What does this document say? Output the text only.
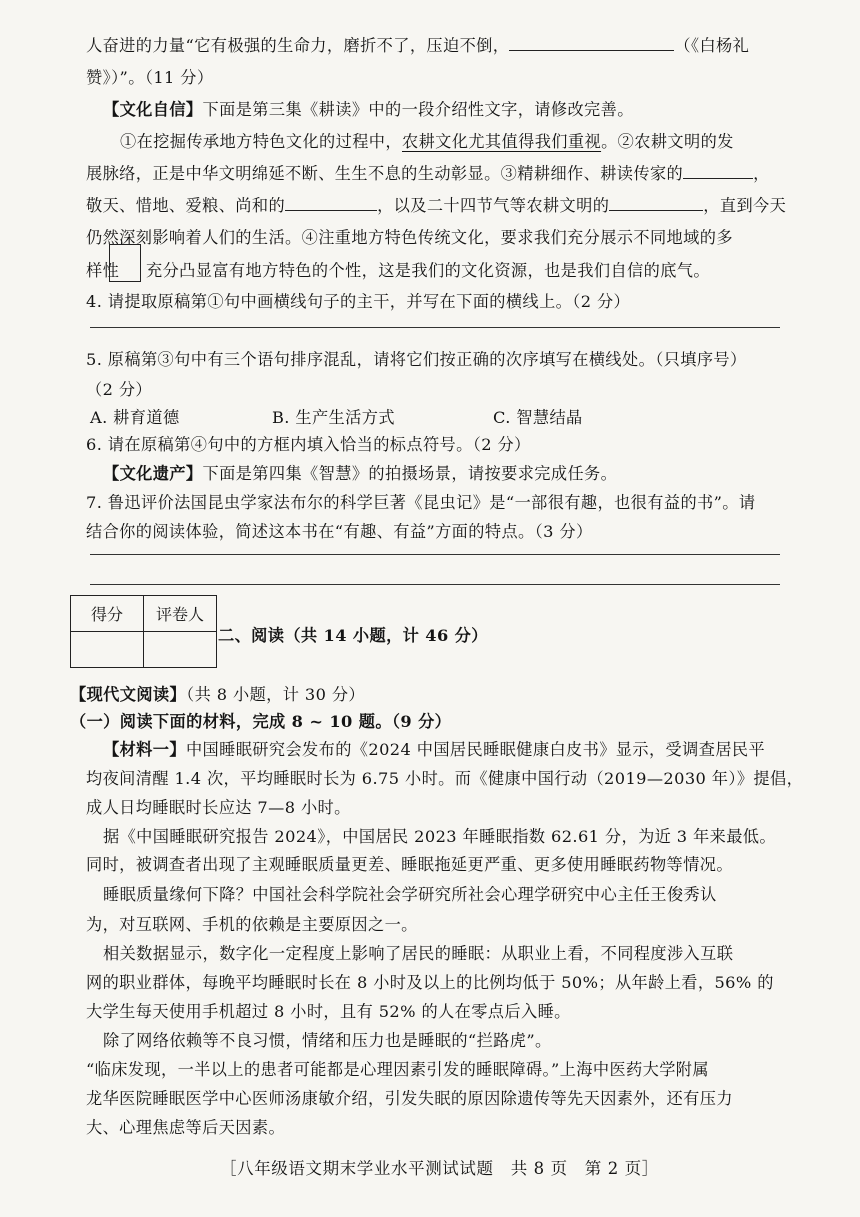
人奋进的力量“它有极强的生命力，磨折不了，压迫不倒，	（《白杨礼
赞》）”。（11 分）
【文化自信】下面是第三集《耕读》中的一段介绍性文字，请修改完善。
①在挖掘传承地方特色文化的过程中，农耕文化尤其值得我们重视。②农耕文明的发
展脉络，正是中华文明绵延不断、生生不息的生动彰显。③精耕细作、耕读传家的	，
敬天、惜地、爱粮、尚和的	，以及二十四节气等农耕文明的	，直到今天
仍然深刻影响着人们的生活。④注重地方特色传统文化，要求我们充分展示不同地域的多
样性 充分凸显富有地方特色的个性，这是我们的文化资源，也是我们自信的底气。
4. 请提取原稿第①句中画横线句子的主干，并写在下面的横线上。（2 分）
5. 原稿第③句中有三个语句排序混乱，请将它们按正确的次序填写在横线处。（只填序号）
（2 分）
A. 耕育道德	B. 生产生活方式	C. 智慧结晶
6. 请在原稿第④句中的方框内填入恰当的标点符号。（2 分）
【文化遗产】下面是第四集《智慧》的拍摄场景，请按要求完成任务。
7. 鲁迅评价法国昆虫学家法布尔的科学巨著《昆虫记》是“一部很有趣，也很有益的书”。请
结合你的阅读体验，简述这本书在“有趣、有益”方面的特点。（3 分）
得分	评卷人

二、阅读（共 14 小题，计 46 分）
【现代文阅读】（共 8 小题，计 30 分）
（一）阅读下面的材料，完成 8 ~ 10 题。（9 分）
【材料一】中国睡眠研究会发布的《2024 中国居民睡眠健康白皮书》显示，受调查居民平
均夜间清醒 1.4 次，平均睡眠时长为 6.75 小时。而《健康中国行动（2019—2030 年）》提倡，
成人日均睡眠时长应达 7—8 小时。
据《中国睡眠研究报告 2024》，中国居民 2023 年睡眠指数 62.61 分，为近 3 年来最低。
同时，被调查者出现了主观睡眠质量更差、睡眠拖延更严重、更多使用睡眠药物等情况。
睡眠质量缘何下降？中国社会科学院社会学研究所社会心理学研究中心主任王俊秀认
为，对互联网、手机的依赖是主要原因之一。
相关数据显示，数字化一定程度上影响了居民的睡眠：从职业上看，不同程度涉入互联
网的职业群体，每晚平均睡眠时长在 8 小时及以上的比例均低于 50%；从年龄上看，56% 的
大学生每天使用手机超过 8 小时，且有 52% 的人在零点后入睡。
除了网络依赖等不良习惯，情绪和压力也是睡眠的“拦路虎”。
“临床发现，一半以上的患者可能都是心理因素引发的睡眠障碍。”上海中医药大学附属
龙华医院睡眠医学中心医师汤康敏介绍，引发失眠的原因除遗传等先天因素外，还有压力
大、心理焦虑等后天因素。
［八年级语文期末学业水平测试试题　共 8 页　第 2 页］
